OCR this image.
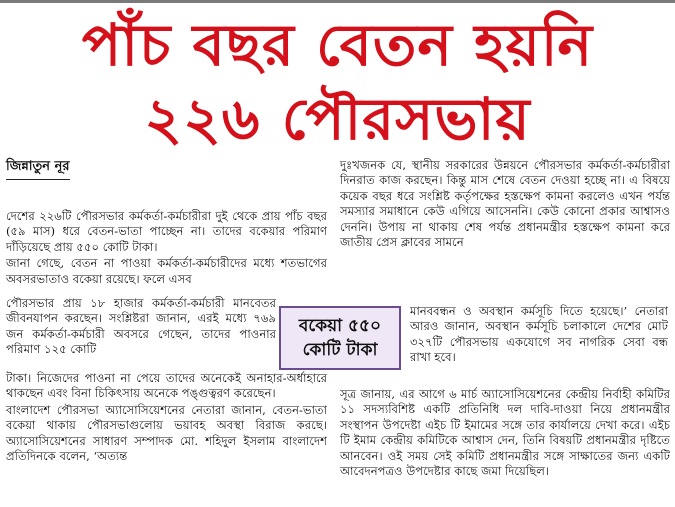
পাঁচ বছর বেতন হয়নি
২২৬ পৌরসভায়
জিন্নাতুন নূর

দেশের ২২৬টি পৌরসভার কর্মকর্তা-কর্মচারীরা দুই থেকে প্রায় পাঁচ বছর (৫৯ মাস) ধরে বেতন-ভাতা পাচ্ছেন না। তাদের বকেয়ার পরিমাণ দাঁড়িয়েছে প্রায় ৫৫০ কোটি টাকা।

জানা গেছে, বেতন না পাওয়া কর্মকর্তা-কর্মচারীদের মধ্যে শতভাগের অবসরভাতাও বকেয়া রয়েছে। ফলে এসব

পৌরসভার প্রায় ১৮ হাজার কর্মকর্তা-কর্মচারী মানবেতর জীবনযাপন করছেন। সংশ্লিষ্টরা জানান, এরই মধ্যে ৭৬৯ জন কর্মকর্তা-কর্মচারী অবসরে গেছেন, তাদের পাওনার পরিমাণ ১২৫ কোটি

টাকা। নিজেদের পাওনা না পেয়ে তাদের অনেকেই অনাহার-অর্ধাহারে থাকছেন এবং বিনা চিকিৎসায় অনেকে পঙ্গুত্বরণ করেছেন।

বাংলাদেশ পৌরসভা অ্যাসোসিয়েশনের নেতারা জানান, বেতন-ভাতা বকেয়া থাকায় পৌরসভাগুলোয় ভয়াবহ অবস্থা বিরাজ করছে। অ্যাসোসিয়েশনের সাধারণ সম্পাদক মো. শহিদুল ইসলাম বাংলাদেশ প্রতিদিনকে বলেন, ‘অত্যন্ত

বকেয়া ৫৫০
কোটি টাকা

দুঃখজনক যে, স্থানীয় সরকারের উন্নয়নে পৌরসভার কর্মকর্তা-কর্মচারীরা দিনরাত কাজ করছেন। কিন্তু মাস শেষে বেতন দেওয়া হচ্ছে না। এ বিষয়ে কয়েক বছর ধরে সংশ্লিষ্ট কর্তৃপক্ষের হস্তক্ষেপ কামনা করলেও এখন পর্যন্ত সমস্যার সমাধানে কেউ এগিয়ে আসেননি। কেউ কোনো প্রকার আশ্বাসও দেননি। উপায় না থাকায় শেষ পর্যন্ত প্রধানমন্ত্রীর হস্তক্ষেপ কামনা করে জাতীয় প্রেস ক্লাবের সামনে

মানববন্ধন ও অবস্থান কর্মসূচি দিতে হয়েছে।’ নেতারা আরও জানান, অবস্থান কর্মসূচি চলাকালে দেশের মোট ৩২৭টি পৌরসভায় একযোগে সব নাগরিক সেবা বন্ধ রাখা হবে।

সূত্র জানায়, এর আগে ৬ মার্চ অ্যাসোসিয়েশনের কেন্দ্রীয় নির্বাহী কমিটির ১১ সদস্যবিশিষ্ট একটি প্রতিনিধি দল দাবি-দাওয়া নিয়ে প্রধানমন্ত্রীর সংস্থাপন উপদেষ্টা এইচ টি ইমামের সঙ্গে তার কার্যালয়ে দেখা করে। এইচ টি ইমাম কেন্দ্রীয় কমিটিকে আশ্বাস দেন, তিনি বিষয়টি প্রধানমন্ত্রীর দৃষ্টিতে আনবেন। ওই সময় সেই কমিটি প্রধানমন্ত্রীর সঙ্গে সাক্ষাতের জন্য একটি আবেদনপত্রও উপদেষ্টার কাছে জমা দিয়েছিল।
